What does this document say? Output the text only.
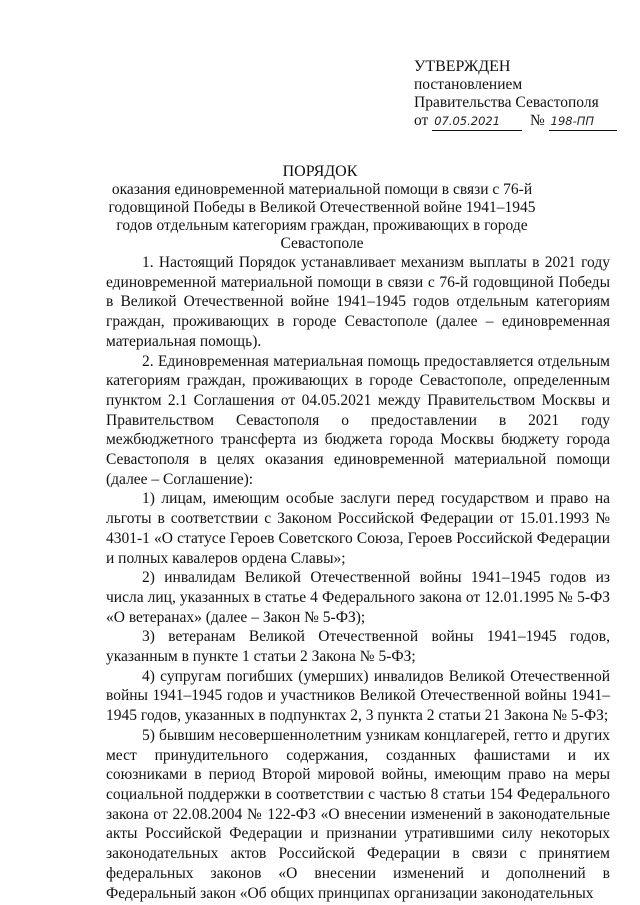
УТВЕРЖДЕН
постановлением
Правительства Севастополя
от 07.05.2021 № 198-ПП
ПОРЯДОК
оказания единовременной материальной помощи в связи с 76-й годовщиной Победы в Великой Отечественной войне 1941–1945 годов отдельным категориям граждан, проживающих в городе Севастополе

1. Настоящий Порядок устанавливает механизм выплаты в 2021 году единовременной материальной помощи в связи с 76-й годовщиной Победы в Великой Отечественной войне 1941–1945 годов отдельным категориям граждан, проживающих в городе Севастополе (далее – единовременная материальная помощь).

2. Единовременная материальная помощь предоставляется отдельным категориям граждан, проживающих в городе Севастополе, определенным пунктом 2.1 Соглашения от 04.05.2021 между Правительством Москвы и Правительством Севастополя о предоставлении в 2021 году межбюджетного трансферта из бюджета города Москвы бюджету города Севастополя в целях оказания единовременной материальной помощи (далее – Соглашение):

1) лицам, имеющим особые заслуги перед государством и право на льготы в соответствии с Законом Российской Федерации от 15.01.1993 № 4301-1 «О статусе Героев Советского Союза, Героев Российской Федерации и полных кавалеров ордена Славы»;

2) инвалидам Великой Отечественной войны 1941–1945 годов из числа лиц, указанных в статье 4 Федерального закона от 12.01.1995 № 5-ФЗ «О ветеранах» (далее – Закон № 5-ФЗ);

3) ветеранам Великой Отечественной войны 1941–1945 годов, указанным в пункте 1 статьи 2 Закона № 5-ФЗ;

4) супругам погибших (умерших) инвалидов Великой Отечественной войны 1941–1945 годов и участников Великой Отечественной войны 1941–1945 годов, указанных в подпунктах 2, 3 пункта 2 статьи 21 Закона № 5-ФЗ;

5) бывшим несовершеннолетним узникам концлагерей, гетто и других мест принудительного содержания, созданных фашистами и их союзниками в период Второй мировой войны, имеющим право на меры социальной поддержки в соответствии с частью 8 статьи 154 Федерального закона от 22.08.2004 № 122-ФЗ «О внесении изменений в законодательные акты Российской Федерации и признании утратившими силу некоторых законодательных актов Российской Федерации в связи с принятием федеральных законов «О внесении изменений и дополнений в Федеральный закон «Об общих принципах организации законодательных
